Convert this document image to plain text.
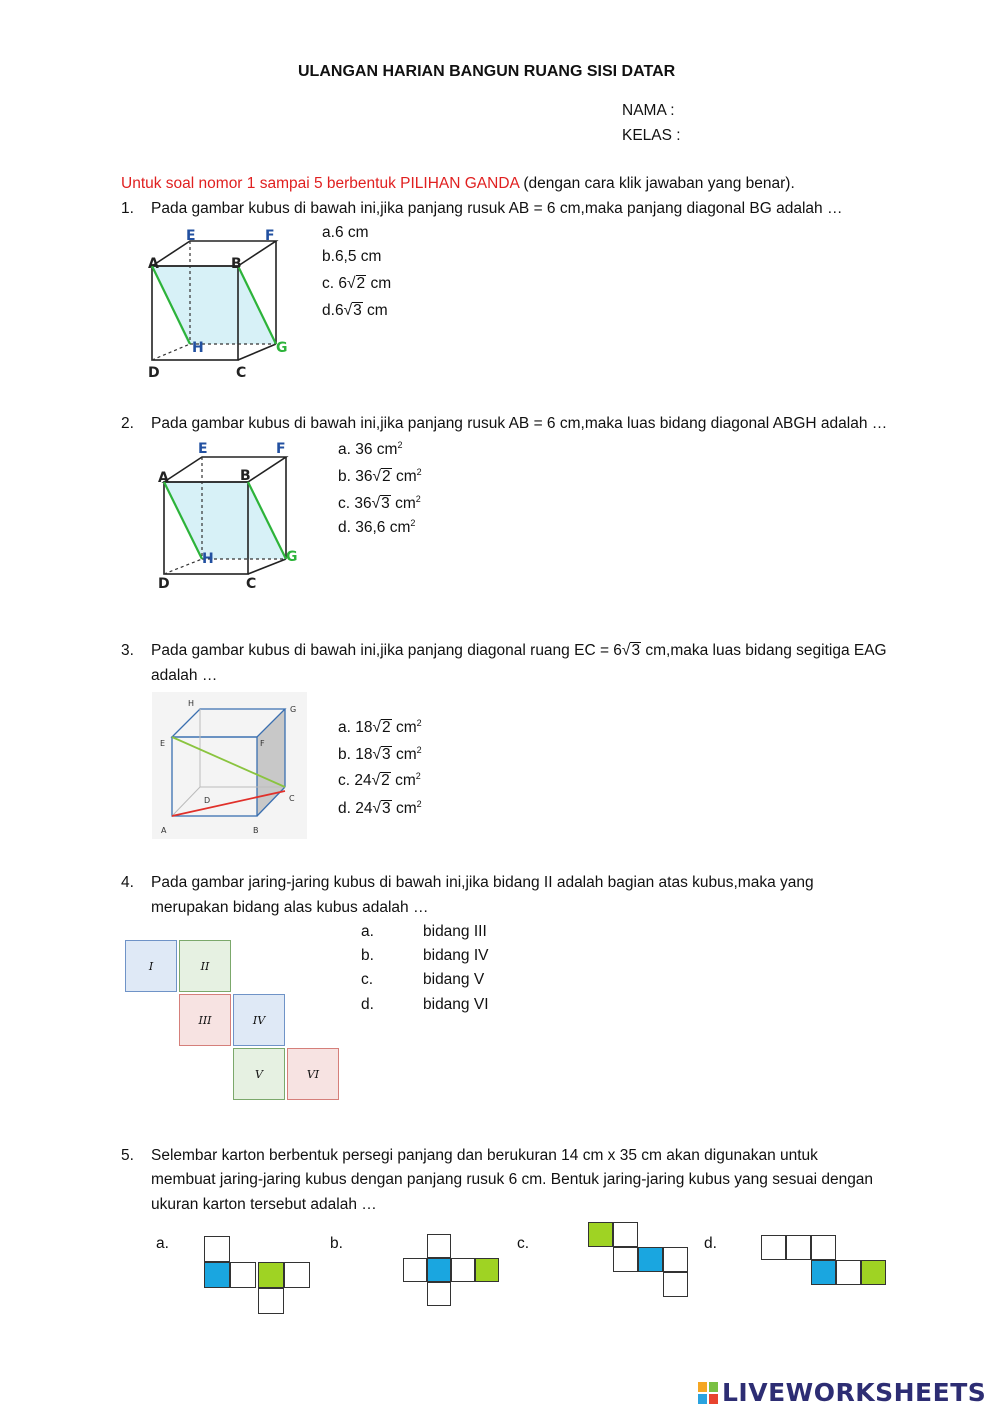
ULANGAN HARIAN BANGUN RUANG SISI DATAR
NAMA :
KELAS :
Untuk soal nomor 1 sampai 5 berbentuk PILIHAN GANDA (dengan cara klik jawaban yang benar).
1. Pada gambar kubus di bawah ini,jika panjang rusuk AB = 6 cm,maka panjang diagonal BG adalah …
E	F
A	B
H	G
D	C
a.6 cm
b.6,5 cm
c. 6√2 cm
d.6√3 cm
2. Pada gambar kubus di bawah ini,jika panjang rusuk AB = 6 cm,maka luas bidang diagonal ABGH adalah …
E	F
A	B
H	G
D	C
a. 36 $cm^2$
b. 36√2 $cm^2$
c. 36√3 $cm^2$
d. 36,6 $cm^2$
3. Pada gambar kubus di bawah ini,jika panjang diagonal ruang EC = 6√3 cm,maka luas bidang segitiga EAG
adalah …
H
G
E	F
D	C
A	B
a. 18√2 $cm^2$
b. 18√3 $cm^2$
c. 24√2 $cm^2$
d. 24√3 $cm^2$
4. Pada gambar jaring-jaring kubus di bawah ini,jika bidang II adalah bagian atas kubus,maka yang
merupakan bidang alas kubus adalah …
I	II
III	IV
V	VI
a.	bidang III
b.	bidang IV
c.	bidang V
d.	bidang VI
5. Selembar karton berbentuk persegi panjang dan berukuran 14 cm x 35 cm akan digunakan untuk
membuat jaring-jaring kubus dengan panjang rusuk 6 cm. Bentuk jaring-jaring kubus yang sesuai dengan
ukuran karton tersebut adalah …
a.	b.	c.	d.
LIVEWORKSHEETS
